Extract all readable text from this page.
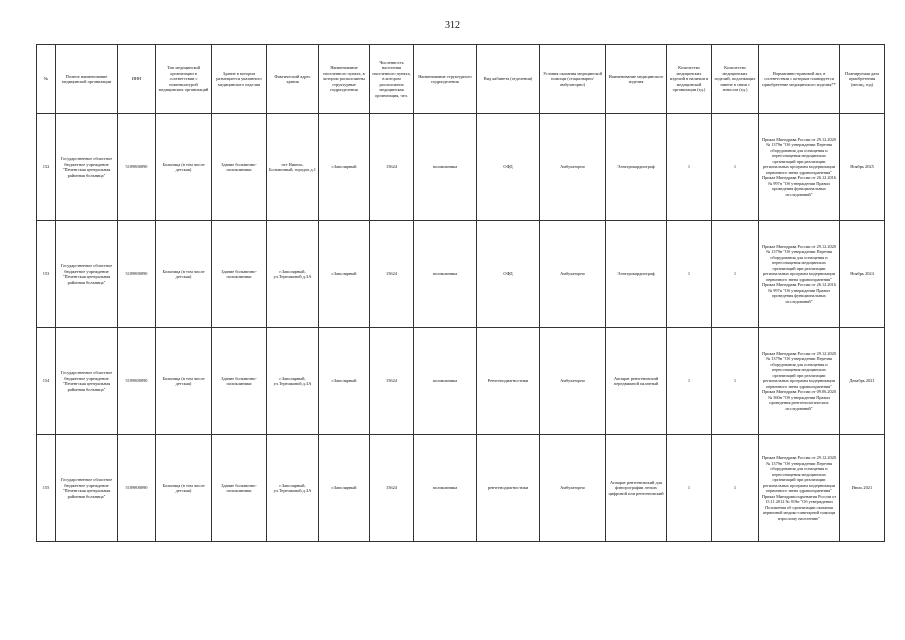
312
№	Полное наименование медицинской организации	ИНН	Тип медицинской организации в соответствии с номенклатурой медицинских организаций	Здание в котором размещается указанного медицинского изделия	Фактический адрес здания	Наименование населенного пункта, в котором расположены структурные подразделения	Численность населения населенного пункта, в котором расположена медицинская организация, чел.	Наименование структурного подразделения	Вид кабинета (отделения)	Условия оказания медицинской помощи (стационарно/амбулаторно)	Наименование медицинского изделия	Количество медицинских изделий в наличии в медицинской организации (ед.)	Количество медицинских изделий, подлежащих замене в связи с износом (ед.)	Нормативно-правовой акт, в соответствии с которым планируется приобретение медицинского изделия**	Планируемая дата приобретения (месяц, год)
152	Государственное областное бюджетное учреждение "Печенгская центральная районная больница"	5109800090	Больница (в том числе детская)	Здание больнично-поликлиники	пгт Никель, Больничный, городок д.1	г.Заполярный	15624	поликлиника	ОФД	Амбулаторно	Электрокардиограф	1	1	Приказ Минздрава России от 29.12.2020 № 1379н "Об утверждении Перечня оборудования для оснащения и переоснащения медицинских организаций при реализации региональных программ модернизации первичного звена здравоохранения" Приказ Минздрава России от 26.12.2016 № 997н "Об утверждении Правил проведения функциональных исследований"	Ноябрь 2025
153	Государственное областное бюджетное учреждение "Печенгская центральная районная больница"	5109800090	Больница (в том числе детская)	Здание больнично-поликлиники	г.Заполярный, ул.Терешковой д.3А	г.Заполярный	15624	поликлиника	ОФД	Амбулаторно	Электрокардиограф	1	1	Приказ Минздрава России от 29.12.2020 № 1379н "Об утверждении Перечня оборудования для оснащения и переоснащения медицинских организаций при реализации региональных программ модернизации первичного звена здравоохранения" Приказ Минздрава России от 26.12.2016 № 997н "Об утверждении Правил проведения функциональных исследований"	Ноябрь 2024
154	Государственное областное бюджетное учреждение "Печенгская центральная районная больница"	5109800090	Больница (в том числе детская)	Здание больнично-поликлиники	г.Заполярный, ул.Терешковой д.3А	г.Заполярный	15624	поликлиника	Рентгенодиагностики	Амбулаторно	Аппарат рентгеновский передвижной палатный	1	1	Приказ Минздрава России от 29.12.2020 № 1379н "Об утверждении Перечня оборудования для оснащения и переоснащения медицинских организаций при реализации региональных программ модернизации первичного звена здравоохранения" Приказ Минздрава России от 09.06.2020 № 560н "Об утверждении Правил проведения рентгенологических исследований"	Декабрь 2021
155	Государственное областное бюджетное учреждение "Печенгская центральная районная больница"	5109800090	Больница (в том числе детская)	Здание больнично-поликлиники	г.Заполярный, ул.Терешковой д.3А	г.Заполярный	15624	поликлиника	рентгенодиагностики	Амбулаторно	Аппарат рентгеновский для флюорографии легких цифровой или рентгеновский	1	1	Приказ Минздрава России от 29.12.2020 № 1379н "Об утверждении Перечня оборудования для оснащения и переоснащения медицинских организаций при реализации региональных программ модернизации первичного звена здравоохранения" Приказ Минздравсоцразвития России от 15.11.2012 № 919н "Об утверждении Положения об организации оказания первичной медико-санитарной помощи взрослому населению"	Июль 2021
